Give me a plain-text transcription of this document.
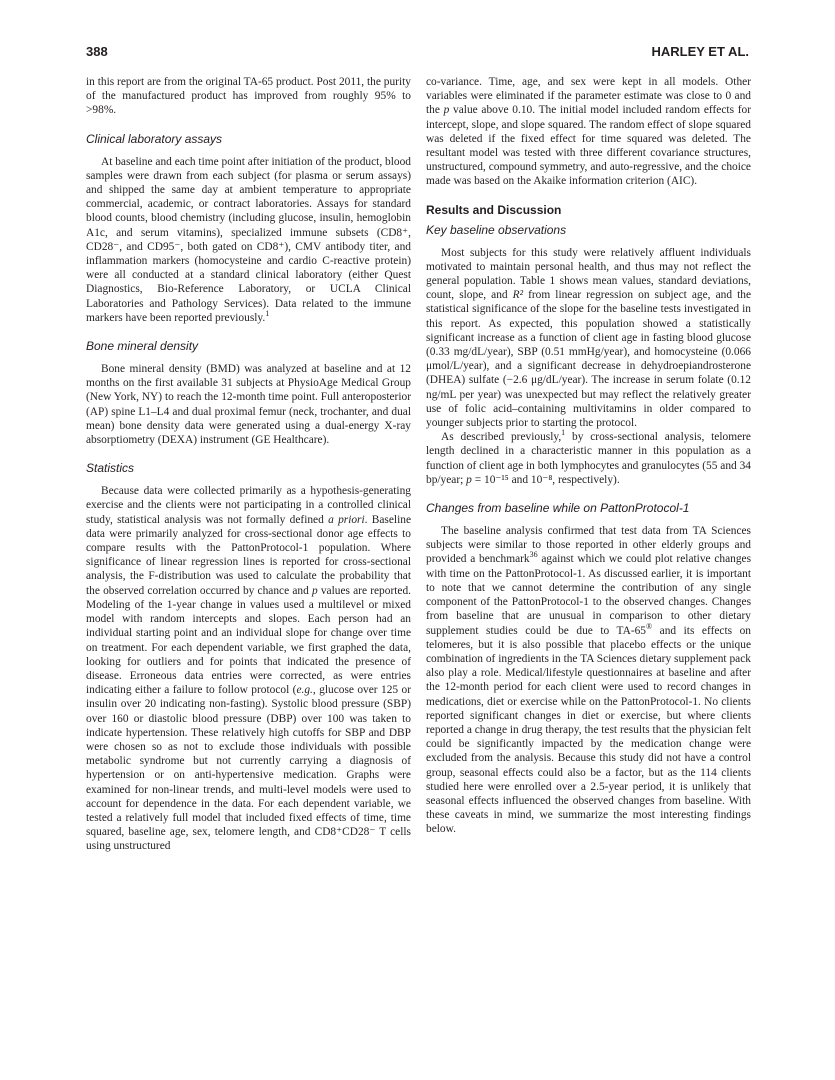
388	HARLEY ET AL.

in this report are from the original TA-65 product. Post 2011, the purity of the manufactured product has improved from roughly 95% to >98%.

Clinical laboratory assays

At baseline and each time point after initiation of the product, blood samples were drawn from each subject (for plasma or serum assays) and shipped the same day at ambient temperature to appropriate commercial, academic, or contract laboratories. Assays for standard blood counts, blood chemistry (including glucose, insulin, hemoglobin A1c, and serum vitamins), specialized immune subsets (CD8⁺, CD28⁻, and CD95⁻, both gated on CD8⁺), CMV antibody titer, and inflammation markers (homocysteine and cardio C-reactive protein) were all conducted at a standard clinical laboratory (either Quest Diagnostics, Bio-Reference Laboratory, or UCLA Clinical Laboratories and Pathology Services). Data related to the immune markers have been reported previously.$^1$

Bone mineral density

Bone mineral density (BMD) was analyzed at baseline and at 12 months on the first available 31 subjects at PhysioAge Medical Group (New York, NY) to reach the 12-month time point. Full anteroposterior (AP) spine L1–L4 and dual proximal femur (neck, trochanter, and dual mean) bone density data were generated using a dual-energy X-ray absorptiometry (DEXA) instrument (GE Healthcare).

Statistics

Because data were collected primarily as a hypothesis-generating exercise and the clients were not participating in a controlled clinical study, statistical analysis was not formally defined a priori. Baseline data were primarily analyzed for cross-sectional donor age effects to compare results with the PattonProtocol-1 population. Where significance of linear regression lines is reported for cross-sectional analysis, the F-distribution was used to calculate the probability that the observed correlation occurred by chance and p values are reported. Modeling of the 1-year change in values used a multilevel or mixed model with random intercepts and slopes. Each person had an individual starting point and an individual slope for change over time on treatment. For each dependent variable, we first graphed the data, looking for outliers and for points that indicated the presence of disease. Erroneous data entries were corrected, as were entries indicating either a failure to follow protocol (e.g., glucose over 125 or insulin over 20 indicating non-fasting). Systolic blood pressure (SBP) over 160 or diastolic blood pressure (DBP) over 100 was taken to indicate hypertension. These relatively high cutoffs for SBP and DBP were chosen so as not to exclude those individuals with possible metabolic syndrome but not currently carrying a diagnosis of hypertension or on anti-hypertensive medication. Graphs were examined for non-linear trends, and multi-level models were used to account for dependence in the data. For each dependent variable, we tested a relatively full model that included fixed effects of time, time squared, baseline age, sex, telomere length, and CD8⁺CD28⁻ T cells using unstructured

co-variance. Time, age, and sex were kept in all models. Other variables were eliminated if the parameter estimate was close to 0 and the p value above 0.10. The initial model included random effects for intercept, slope, and slope squared. The random effect of slope squared was deleted if the fixed effect for time squared was deleted. The resultant model was tested with three different covariance structures, unstructured, compound symmetry, and auto-regressive, and the choice made was based on the Akaike information criterion (AIC).

Results and Discussion
Key baseline observations

Most subjects for this study were relatively affluent individuals motivated to maintain personal health, and thus may not reflect the general population. Table 1 shows mean values, standard deviations, count, slope, and R² from linear regression on subject age, and the statistical significance of the slope for the baseline tests investigated in this report. As expected, this population showed a statistically significant increase as a function of client age in fasting blood glucose (0.33 mg/dL/year), SBP (0.51 mmHg/year), and homocysteine (0.066 μmol/L/year), and a significant decrease in dehydroepiandrosterone (DHEA) sulfate (−2.6 μg/dL/year). The increase in serum folate (0.12 ng/mL per year) was unexpected but may reflect the relatively greater use of folic acid–containing multivitamins in older compared to younger subjects prior to starting the protocol.

As described previously,$^1$ by cross-sectional analysis, telomere length declined in a characteristic manner in this population as a function of client age in both lymphocytes and granulocytes (55 and 34 bp/year; p = 10⁻¹⁵ and 10⁻⁸, respectively).

Changes from baseline while on PattonProtocol-1

The baseline analysis confirmed that test data from TA Sciences subjects were similar to those reported in other elderly groups and provided a benchmark$^{36}$ against which we could plot relative changes with time on the PattonProtocol-1. As discussed earlier, it is important to note that we cannot determine the contribution of any single component of the PattonProtocol-1 to the observed changes. Changes from baseline that are unusual in comparison to other dietary supplement studies could be due to TA-65® and its effects on telomeres, but it is also possible that placebo effects or the unique combination of ingredients in the TA Sciences dietary supplement pack also play a role. Medical/lifestyle questionnaires at baseline and after the 12-month period for each client were used to record changes in medications, diet or exercise while on the PattonProtocol-1. No clients reported significant changes in diet or exercise, but where clients reported a change in drug therapy, the test results that the physician felt could be significantly impacted by the medication change were excluded from the analysis. Because this study did not have a control group, seasonal effects could also be a factor, but as the 114 clients studied here were enrolled over a 2.5-year period, it is unlikely that seasonal effects influenced the observed changes from baseline. With these caveats in mind, we summarize the most interesting findings below.
